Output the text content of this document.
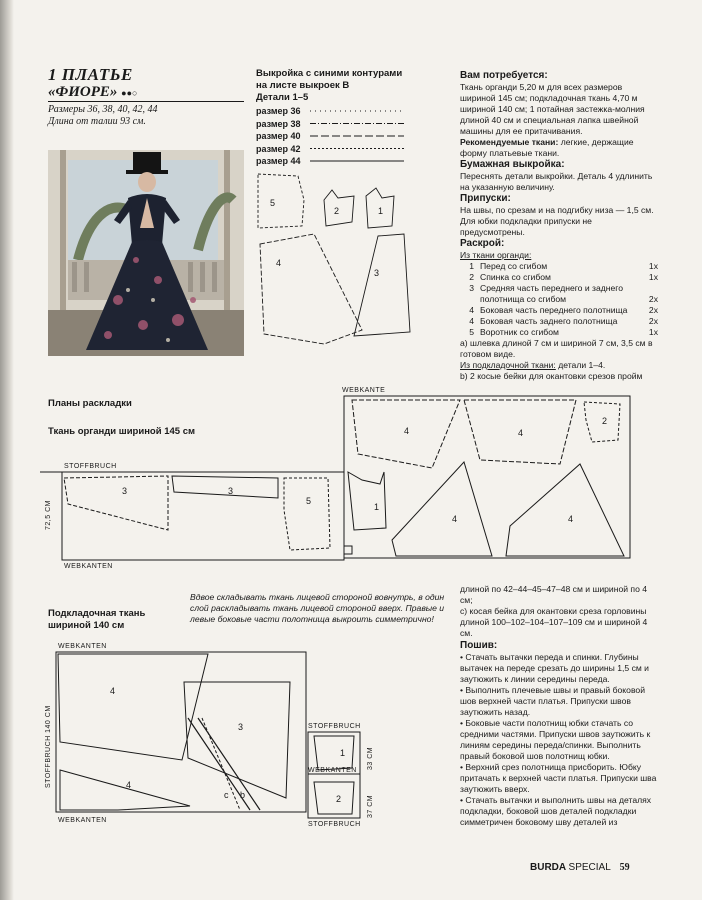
1 ПЛАТЬЕ
«ФИОРЕ» ●●○
Размеры 36, 38, 40, 42, 44
Длина от талии 93 см.
Выкройка с синими контурами
на листе выкроек В
Детали 1–5
размер 36
размер 38
размер 40
размер 42
размер 44
5
2	1
4
3
Вам потребуется:
Ткань органди 5,20 м для всех размеров шириной 145 см; подкладочная ткань 4,70 м шириной 140 см; 1 потайная застежка-молния длиной 40 см и специальная лапка швейной машины для ее притачивания.
Рекомендуемые ткани: легкие, держащие форму платьевые ткани.
Бумажная выкройка:
Переснять детали выкройки. Деталь 4 удлинить на указанную величину.
Припуски:
На швы, по срезам и на подгибку низа — 1,5 см. Для юбки подкладки припуски не предусмотрены.
Раскрой:
Из ткани органди:
1 Перед со сгибом	1x
2 Спинка со сгибом	1x
3 Средняя часть переднего и заднего полотнища со сгибом	2x
4 Боковая часть переднего полотнища	2x
4 Боковая часть заднего полотнища	2x
5 Воротник со сгибом	1x
a) шлевка длиной 7 см и шириной 7 см, 3,5 см в готовом виде.
Из подкладочной ткани: детали 1–4.
b) 2 косые бейки для окантовки срезов пройм
Планы раскладки
Ткань органди шириной 145 см
3	3
5
1
4	4
2
4	4
WEBKANTE
STOFFBRUCH
WEBKANTEN
72,5 CM
Вдвое складывать ткань лицевой стороной вовнутрь, в один слой раскладывать ткань лицевой стороной вверх. Правые и левые боковые части полотнища выкроить симметрично!
Подкладочная ткань
шириной 140 см
4
3
4
b
c
WEBKANTEN
WEBKANTEN
STOFFBRUCH 140 CM	1
2
STOFFBRUCH
WEBKANTEN
STOFFBRUCH
33 CM
37 CM
длиной по 42–44–45–47–48 см и шириной по 4 см;
c) косая бейка для окантовки среза горловины длиной 100–102–104–107–109 см и шириной 4 см.
Пошив:
• Стачать вытачки переда и спинки. Глубины вытачек на переде срезать до ширины 1,5 см и заутюжить к линии середины переда.
• Выполнить плечевые швы и правый боковой шов верхней части платья. Припуски швов заутюжить назад.
• Боковые части полотнищ юбки стачать со средними частями. Припуски швов заутюжить к линиям середины переда/спинки. Выполнить правый боковой шов полотнищ юбки.
• Верхний срез полотнища присборить. Юбку притачать к верхней части платья. Припуски шва заутюжить вверх.
• Стачать вытачки и выполнить швы на деталях подкладки, боковой шов деталей подкладки симметричен боковому шву деталей из
BURDA SPECIAL 59
